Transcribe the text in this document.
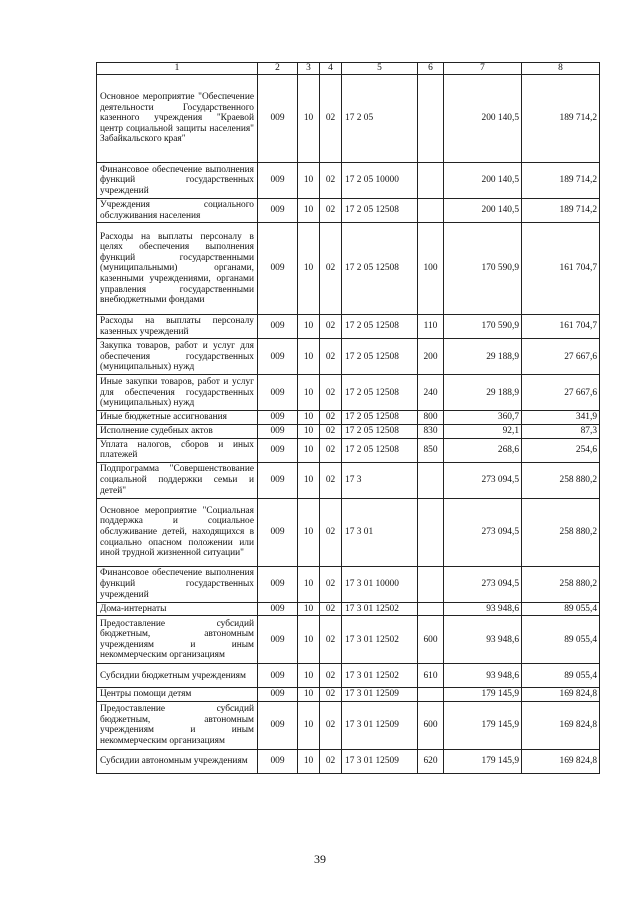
1	2	3	4	5	6	7	8
Основное мероприятие "Обеспечение деятельности Государственного казенного учреждения "Краевой центр социальной защиты населения" Забайкальского края"	009	10	02	17 2 05		200 140,5	189 714,2
Финансовое обеспечение выполнения функций государственных учреждений	009	10	02	17 2 05 10000		200 140,5	189 714,2
Учреждения социального обслуживания населения	009	10	02	17 2 05 12508		200 140,5	189 714,2
Расходы на выплаты персоналу в целях обеспечения выполнения функций государственными (муниципальными) органами, казенными учреждениями, органами управления государственными внебюджетными фондами	009	10	02	17 2 05 12508	100	170 590,9	161 704,7
Расходы на выплаты персоналу казенных учреждений	009	10	02	17 2 05 12508	110	170 590,9	161 704,7
Закупка товаров, работ и услуг для обеспечения государственных (муниципальных) нужд	009	10	02	17 2 05 12508	200	29 188,9	27 667,6
Иные закупки товаров, работ и услуг для обеспечения государственных (муниципальных) нужд	009	10	02	17 2 05 12508	240	29 188,9	27 667,6
Иные бюджетные ассигнования	009	10	02	17 2 05 12508	800	360,7	341,9
Исполнение судебных актов	009	10	02	17 2 05 12508	830	92,1	87,3
Уплата налогов, сборов и иных платежей	009	10	02	17 2 05 12508	850	268,6	254,6
Подпрограмма "Совершенствование социальной поддержки семьи и детей"	009	10	02	17 3		273 094,5	258 880,2
Основное мероприятие "Социальная поддержка и социальное обслуживание детей, находящихся в социально опасном положении или иной трудной жизненной ситуации"	009	10	02	17 3 01		273 094,5	258 880,2
Финансовое обеспечение выполнения функций государственных учреждений	009	10	02	17 3 01 10000		273 094,5	258 880,2
Дома-интернаты	009	10	02	17 3 01 12502		93 948,6	89 055,4
Предоставление субсидий бюджетным, автономным учреждениям и иным некоммерческим организациям	009	10	02	17 3 01 12502	600	93 948,6	89 055,4
Субсидии бюджетным учреждениям	009	10	02	17 3 01 12502	610	93 948,6	89 055,4
Центры помощи детям	009	10	02	17 3 01 12509		179 145,9	169 824,8
Предоставление субсидий бюджетным, автономным учреждениям и иным некоммерческим организациям	009	10	02	17 3 01 12509	600	179 145,9	169 824,8
Субсидии автономным учреждениям	009	10	02	17 3 01 12509	620	179 145,9	169 824,8
39
